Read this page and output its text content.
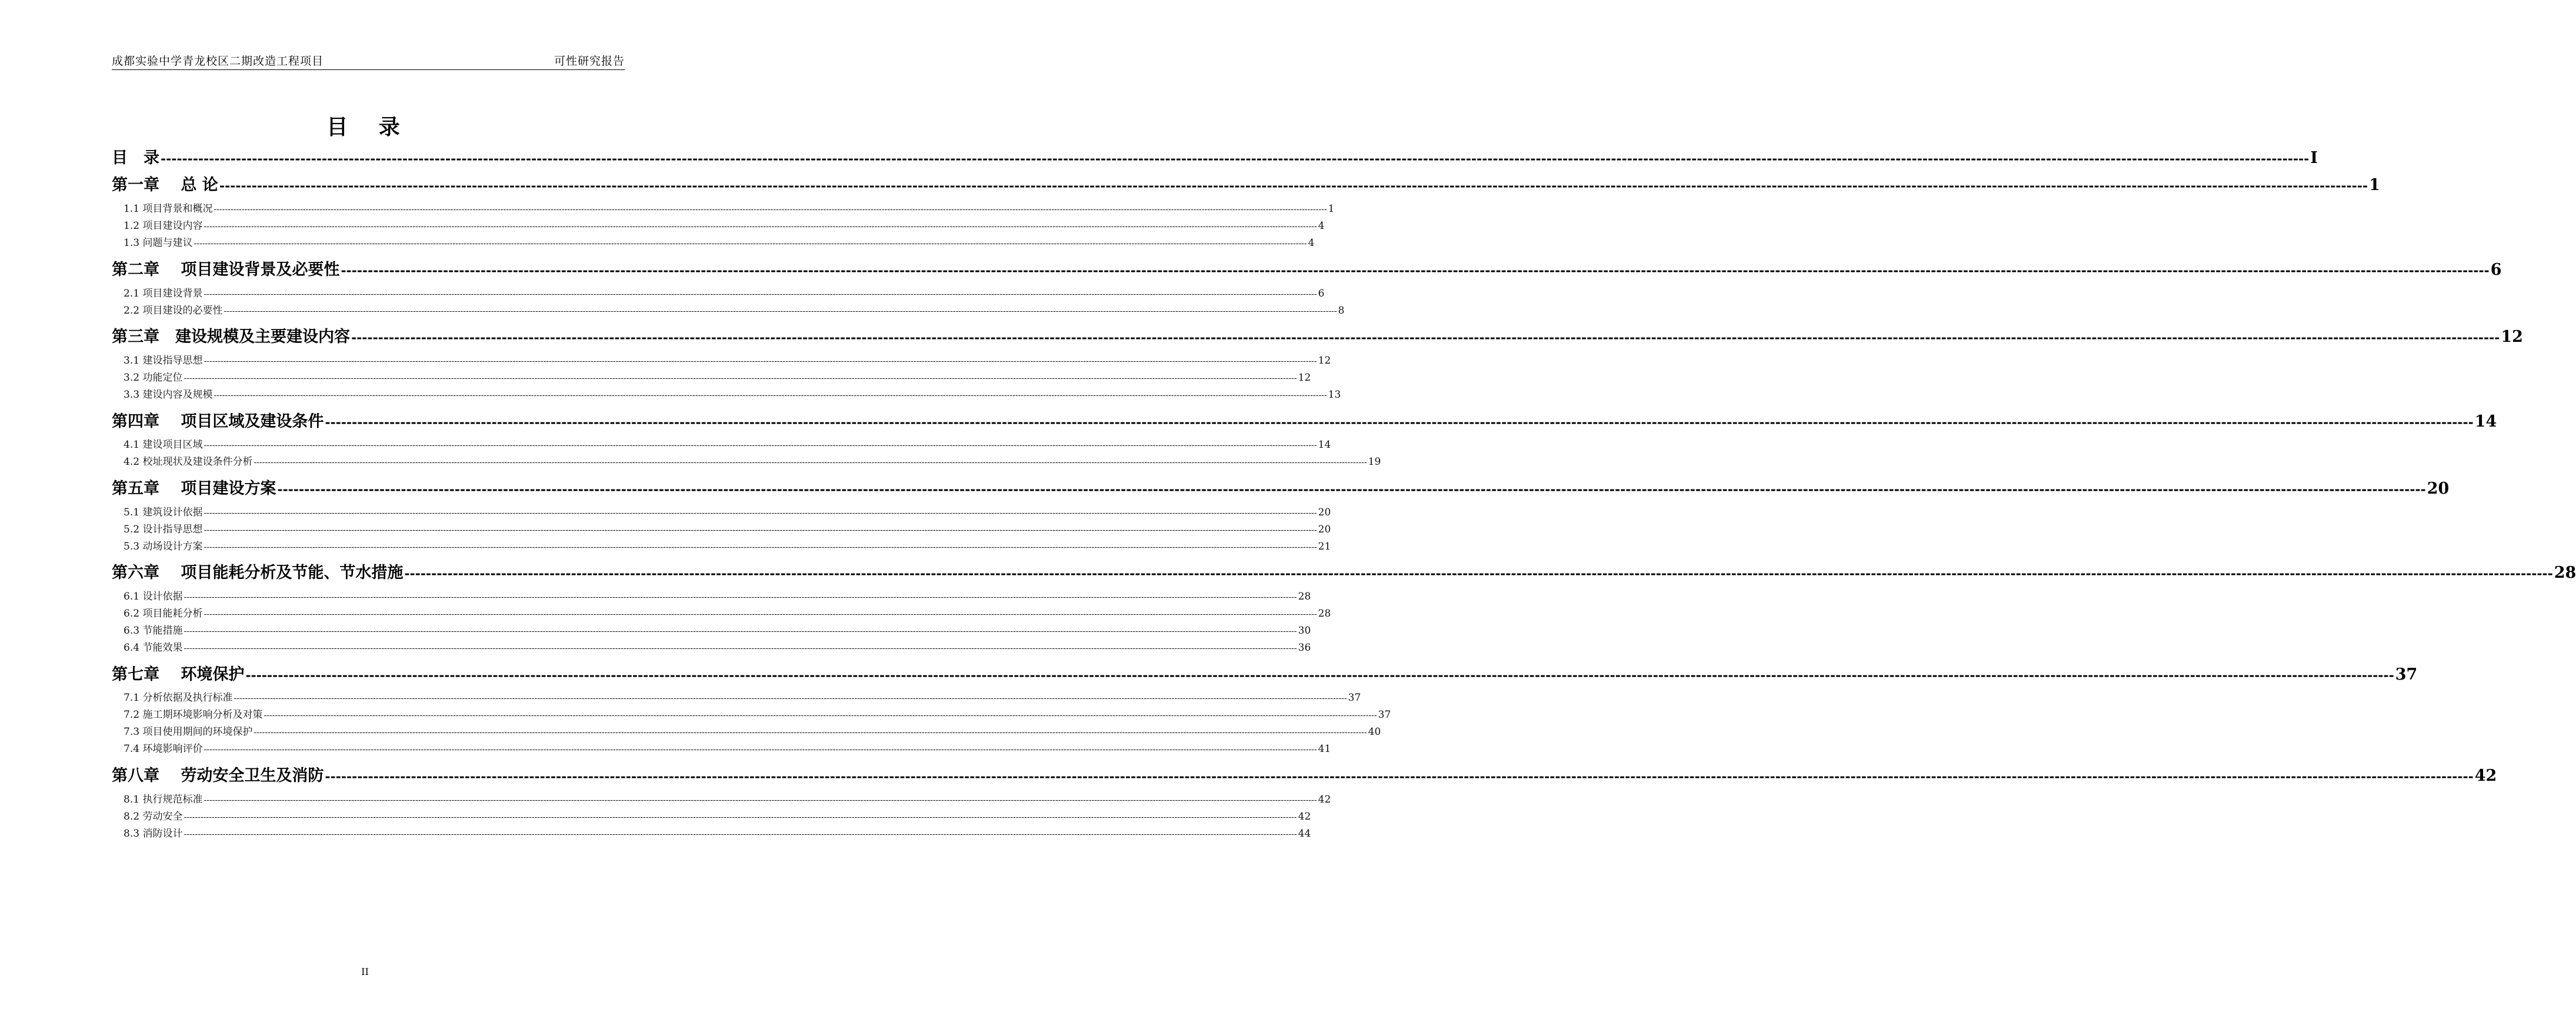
成都实验中学青龙校区二期改造工程项目	可性研究报告
目 录
目　录 ---------------------------------------------------------------------------------------------------------------------------------------------------------------------------------------------------------------------------------------------------------------------------------------------------------------------------------------------------------------------------------------------------------------- I
第一章　 总 论 ---------------------------------------------------------------------------------------------------------------------------------------------------------------------------------------------------------------------------------------------------------------------------------------------------------------------------------------------------------------------------------------------------------------- 1
1.1 项目背景和概况 ---------------------------------------------------------------------------------------------------------------------------------------------------------------------------------------------------------------------------------------------------------------------------------------------------------------------------------------------------------------------------------------------------------------- 1
1.2 项目建设内容 ---------------------------------------------------------------------------------------------------------------------------------------------------------------------------------------------------------------------------------------------------------------------------------------------------------------------------------------------------------------------------------------------------------------- 4
1.3 问题与建议 ---------------------------------------------------------------------------------------------------------------------------------------------------------------------------------------------------------------------------------------------------------------------------------------------------------------------------------------------------------------------------------------------------------------- 4
第二章　 项目建设背景及必要性 ---------------------------------------------------------------------------------------------------------------------------------------------------------------------------------------------------------------------------------------------------------------------------------------------------------------------------------------------------------------------------------------------------------------- 6
2.1 项目建设背景 ---------------------------------------------------------------------------------------------------------------------------------------------------------------------------------------------------------------------------------------------------------------------------------------------------------------------------------------------------------------------------------------------------------------- 6
2.2 项目建设的必要性 ---------------------------------------------------------------------------------------------------------------------------------------------------------------------------------------------------------------------------------------------------------------------------------------------------------------------------------------------------------------------------------------------------------------- 8
第三章　建设规模及主要建设内容 ---------------------------------------------------------------------------------------------------------------------------------------------------------------------------------------------------------------------------------------------------------------------------------------------------------------------------------------------------------------------------------------------------------------- 12
3.1 建设指导思想 ---------------------------------------------------------------------------------------------------------------------------------------------------------------------------------------------------------------------------------------------------------------------------------------------------------------------------------------------------------------------------------------------------------------- 12
3.2 功能定位 ---------------------------------------------------------------------------------------------------------------------------------------------------------------------------------------------------------------------------------------------------------------------------------------------------------------------------------------------------------------------------------------------------------------- 12
3.3 建设内容及规模 ---------------------------------------------------------------------------------------------------------------------------------------------------------------------------------------------------------------------------------------------------------------------------------------------------------------------------------------------------------------------------------------------------------------- 13
第四章　 项目区域及建设条件 ---------------------------------------------------------------------------------------------------------------------------------------------------------------------------------------------------------------------------------------------------------------------------------------------------------------------------------------------------------------------------------------------------------------- 14
4.1 建设项目区域 ---------------------------------------------------------------------------------------------------------------------------------------------------------------------------------------------------------------------------------------------------------------------------------------------------------------------------------------------------------------------------------------------------------------- 14
4.2 校址现状及建设条件分析 ---------------------------------------------------------------------------------------------------------------------------------------------------------------------------------------------------------------------------------------------------------------------------------------------------------------------------------------------------------------------------------------------------------------- 19
第五章　 项目建设方案 ---------------------------------------------------------------------------------------------------------------------------------------------------------------------------------------------------------------------------------------------------------------------------------------------------------------------------------------------------------------------------------------------------------------- 20
5.1 建筑设计依据 ---------------------------------------------------------------------------------------------------------------------------------------------------------------------------------------------------------------------------------------------------------------------------------------------------------------------------------------------------------------------------------------------------------------- 20
5.2 设计指导思想 ---------------------------------------------------------------------------------------------------------------------------------------------------------------------------------------------------------------------------------------------------------------------------------------------------------------------------------------------------------------------------------------------------------------- 20
5.3 动场设计方案 ---------------------------------------------------------------------------------------------------------------------------------------------------------------------------------------------------------------------------------------------------------------------------------------------------------------------------------------------------------------------------------------------------------------- 21
第六章　 项目能耗分析及节能、节水措施 ---------------------------------------------------------------------------------------------------------------------------------------------------------------------------------------------------------------------------------------------------------------------------------------------------------------------------------------------------------------------------------------------------------------- 28
6.1 设计依据 ---------------------------------------------------------------------------------------------------------------------------------------------------------------------------------------------------------------------------------------------------------------------------------------------------------------------------------------------------------------------------------------------------------------- 28
6.2 项目能耗分析 ---------------------------------------------------------------------------------------------------------------------------------------------------------------------------------------------------------------------------------------------------------------------------------------------------------------------------------------------------------------------------------------------------------------- 28
6.3 节能措施 ---------------------------------------------------------------------------------------------------------------------------------------------------------------------------------------------------------------------------------------------------------------------------------------------------------------------------------------------------------------------------------------------------------------- 30
6.4 节能效果 ---------------------------------------------------------------------------------------------------------------------------------------------------------------------------------------------------------------------------------------------------------------------------------------------------------------------------------------------------------------------------------------------------------------- 36
第七章　 环境保护 ---------------------------------------------------------------------------------------------------------------------------------------------------------------------------------------------------------------------------------------------------------------------------------------------------------------------------------------------------------------------------------------------------------------- 37
7.1 分析依据及执行标准 ---------------------------------------------------------------------------------------------------------------------------------------------------------------------------------------------------------------------------------------------------------------------------------------------------------------------------------------------------------------------------------------------------------------- 37
7.2 施工期环境影响分析及对策 ---------------------------------------------------------------------------------------------------------------------------------------------------------------------------------------------------------------------------------------------------------------------------------------------------------------------------------------------------------------------------------------------------------------- 37
7.3 项目使用期间的环境保护 ---------------------------------------------------------------------------------------------------------------------------------------------------------------------------------------------------------------------------------------------------------------------------------------------------------------------------------------------------------------------------------------------------------------- 40
7.4 环境影响评价 ---------------------------------------------------------------------------------------------------------------------------------------------------------------------------------------------------------------------------------------------------------------------------------------------------------------------------------------------------------------------------------------------------------------- 41
第八章　 劳动安全卫生及消防 ---------------------------------------------------------------------------------------------------------------------------------------------------------------------------------------------------------------------------------------------------------------------------------------------------------------------------------------------------------------------------------------------------------------- 42
8.1 执行规范标准 ---------------------------------------------------------------------------------------------------------------------------------------------------------------------------------------------------------------------------------------------------------------------------------------------------------------------------------------------------------------------------------------------------------------- 42
8.2 劳动安全 ---------------------------------------------------------------------------------------------------------------------------------------------------------------------------------------------------------------------------------------------------------------------------------------------------------------------------------------------------------------------------------------------------------------- 42
8.3 消防设计 ---------------------------------------------------------------------------------------------------------------------------------------------------------------------------------------------------------------------------------------------------------------------------------------------------------------------------------------------------------------------------------------------------------------- 44
II
